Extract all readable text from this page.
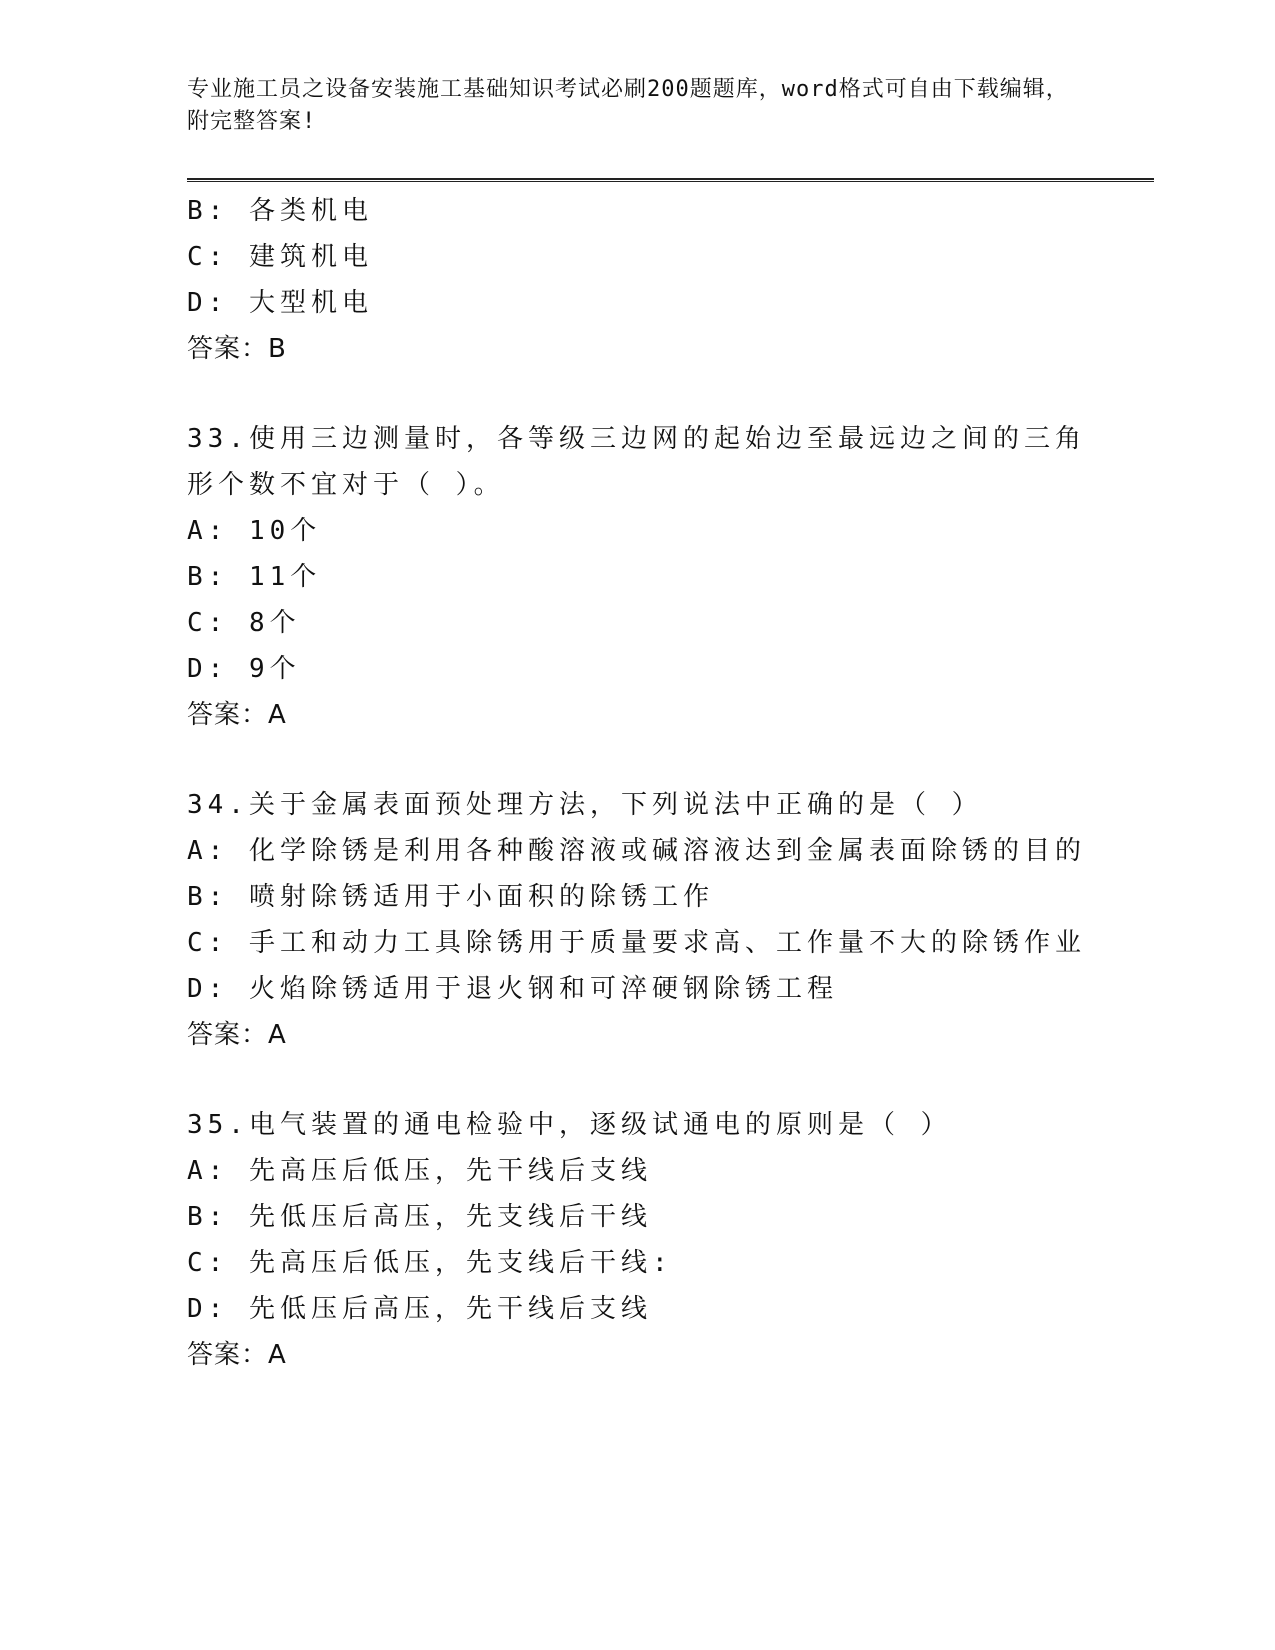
专业施工员之设备安装施工基础知识考试必刷200题题库，word格式可自由下载编辑，附完整答案!
B: 各类机电
C: 建筑机电
D: 大型机电
答案：B
33.使用三边测量时，各等级三边网的起始边至最远边之间的三角形个数不宜对于（ ）。
A: 10个
B: 11个
C: 8个
D: 9个
答案：A
34.关于金属表面预处理方法，下列说法中正确的是（ ）
A: 化学除锈是利用各种酸溶液或碱溶液达到金属表面除锈的目的
B: 喷射除锈适用于小面积的除锈工作
C: 手工和动力工具除锈用于质量要求高、工作量不大的除锈作业
D: 火焰除锈适用于退火钢和可淬硬钢除锈工程
答案：A
35.电气装置的通电检验中，逐级试通电的原则是（ ）
A: 先高压后低压，先干线后支线
B: 先低压后高压，先支线后干线
C: 先高压后低压，先支线后干线:
D: 先低压后高压，先干线后支线
答案：A
